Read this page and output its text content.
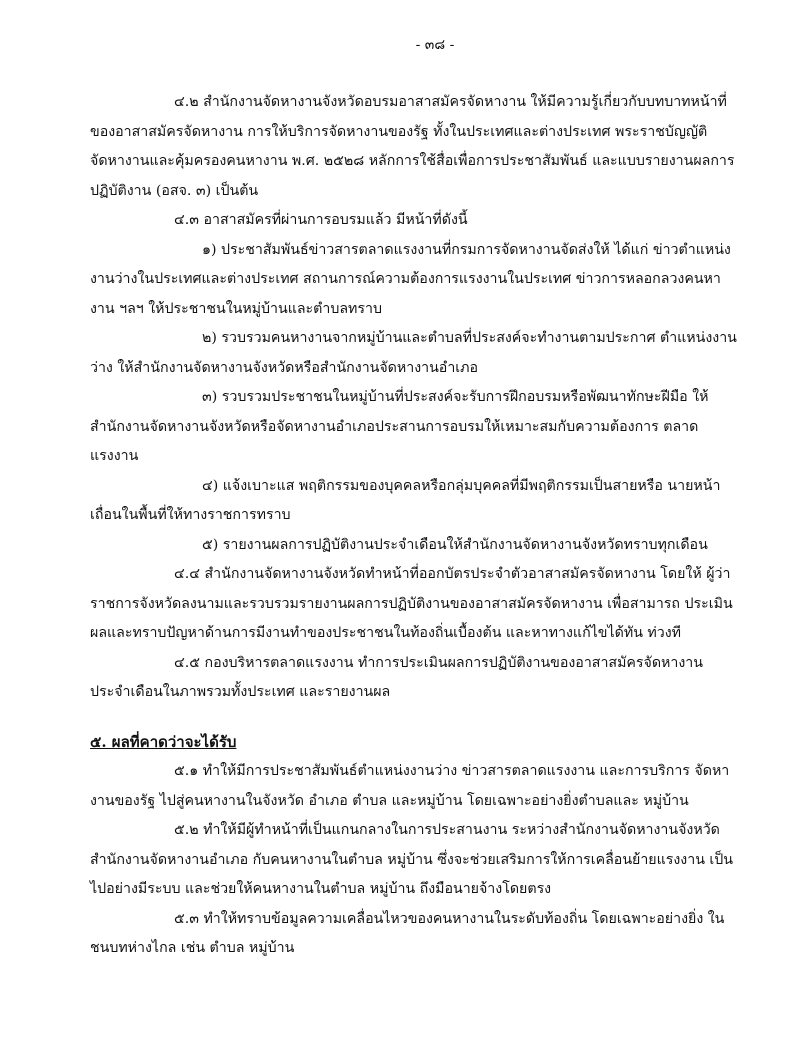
- ๓๘ -

๔.๒ สำนักงานจัดหางานจังหวัดอบรมอาสาสมัครจัดหางาน ให้มีความรู้เกี่ยวกับบทบาทหน้าที่ของอาสาสมัครจัดหางาน การให้บริการจัดหางานของรัฐ ทั้งในประเทศและต่างประเทศ พระราชบัญญัติจัดหางานและคุ้มครองคนหางาน พ.ศ. ๒๕๒๘ หลักการใช้สื่อเพื่อการประชาสัมพันธ์ และแบบรายงานผลการปฏิบัติงาน (อสจ. ๓) เป็นต้น

๔.๓ อาสาสมัครที่ผ่านการอบรมแล้ว มีหน้าที่ดังนี้

๑) ประชาสัมพันธ์ข่าวสารตลาดแรงงานที่กรมการจัดหางานจัดส่งให้ ได้แก่ ข่าวตำแหน่งงานว่างในประเทศและต่างประเทศ สถานการณ์ความต้องการแรงงานในประเทศ ข่าวการหลอกลวงคนหางาน ฯลฯ ให้ประชาชนในหมู่บ้านและตำบลทราบ

๒) รวบรวมคนหางานจากหมู่บ้านและตำบลที่ประสงค์จะทำงานตามประกาศ ตำแหน่งงานว่าง ให้สำนักงานจัดหางานจังหวัดหรือสำนักงานจัดหางานอำเภอ

๓) รวบรวมประชาชนในหมู่บ้านที่ประสงค์จะรับการฝึกอบรมหรือพัฒนาทักษะฝีมือ ให้สำนักงานจัดหางานจังหวัดหรือจัดหางานอำเภอประสานการอบรมให้เหมาะสมกับความต้องการ ตลาดแรงงาน

๔) แจ้งเบาะแส พฤติกรรมของบุคคลหรือกลุ่มบุคคลที่มีพฤติกรรมเป็นสายหรือ นายหน้าเถื่อนในพื้นที่ให้ทางราชการทราบ

๕) รายงานผลการปฏิบัติงานประจำเดือนให้สำนักงานจัดหางานจังหวัดทราบทุกเดือน

๔.๔ สำนักงานจัดหางานจังหวัดทำหน้าที่ออกบัตรประจำตัวอาสาสมัครจัดหางาน โดยให้ ผู้ว่าราชการจังหวัดลงนามและรวบรวมรายงานผลการปฏิบัติงานของอาสาสมัครจัดหางาน เพื่อสามารถ ประเมินผลและทราบปัญหาด้านการมีงานทำของประชาชนในท้องถิ่นเบื้องต้น และหาทางแก้ไขได้ทัน ท่วงที

๔.๕ กองบริหารตลาดแรงงาน ทำการประเมินผลการปฏิบัติงานของอาสาสมัครจัดหางาน ประจำเดือนในภาพรวมทั้งประเทศ และรายงานผล

๕. ผลที่คาดว่าจะได้รับ

๕.๑ ทำให้มีการประชาสัมพันธ์ตำแหน่งงานว่าง ข่าวสารตลาดแรงงาน และการบริการ จัดหางานของรัฐ ไปสู่คนหางานในจังหวัด อำเภอ ตำบล และหมู่บ้าน โดยเฉพาะอย่างยิ่งตำบลและ หมู่บ้าน

๕.๒ ทำให้มีผู้ทำหน้าที่เป็นแกนกลางในการประสานงาน ระหว่างสำนักงานจัดหางานจังหวัด สำนักงานจัดหางานอำเภอ กับคนหางานในตำบล หมู่บ้าน ซึ่งจะช่วยเสริมการให้การเคลื่อนย้ายแรงงาน เป็นไปอย่างมีระบบ และช่วยให้คนหางานในตำบล หมู่บ้าน ถึงมือนายจ้างโดยตรง

๕.๓ ทำให้ทราบข้อมูลความเคลื่อนไหวของคนหางานในระดับท้องถิ่น โดยเฉพาะอย่างยิ่ง ในชนบทห่างไกล เช่น ตำบล หมู่บ้าน
